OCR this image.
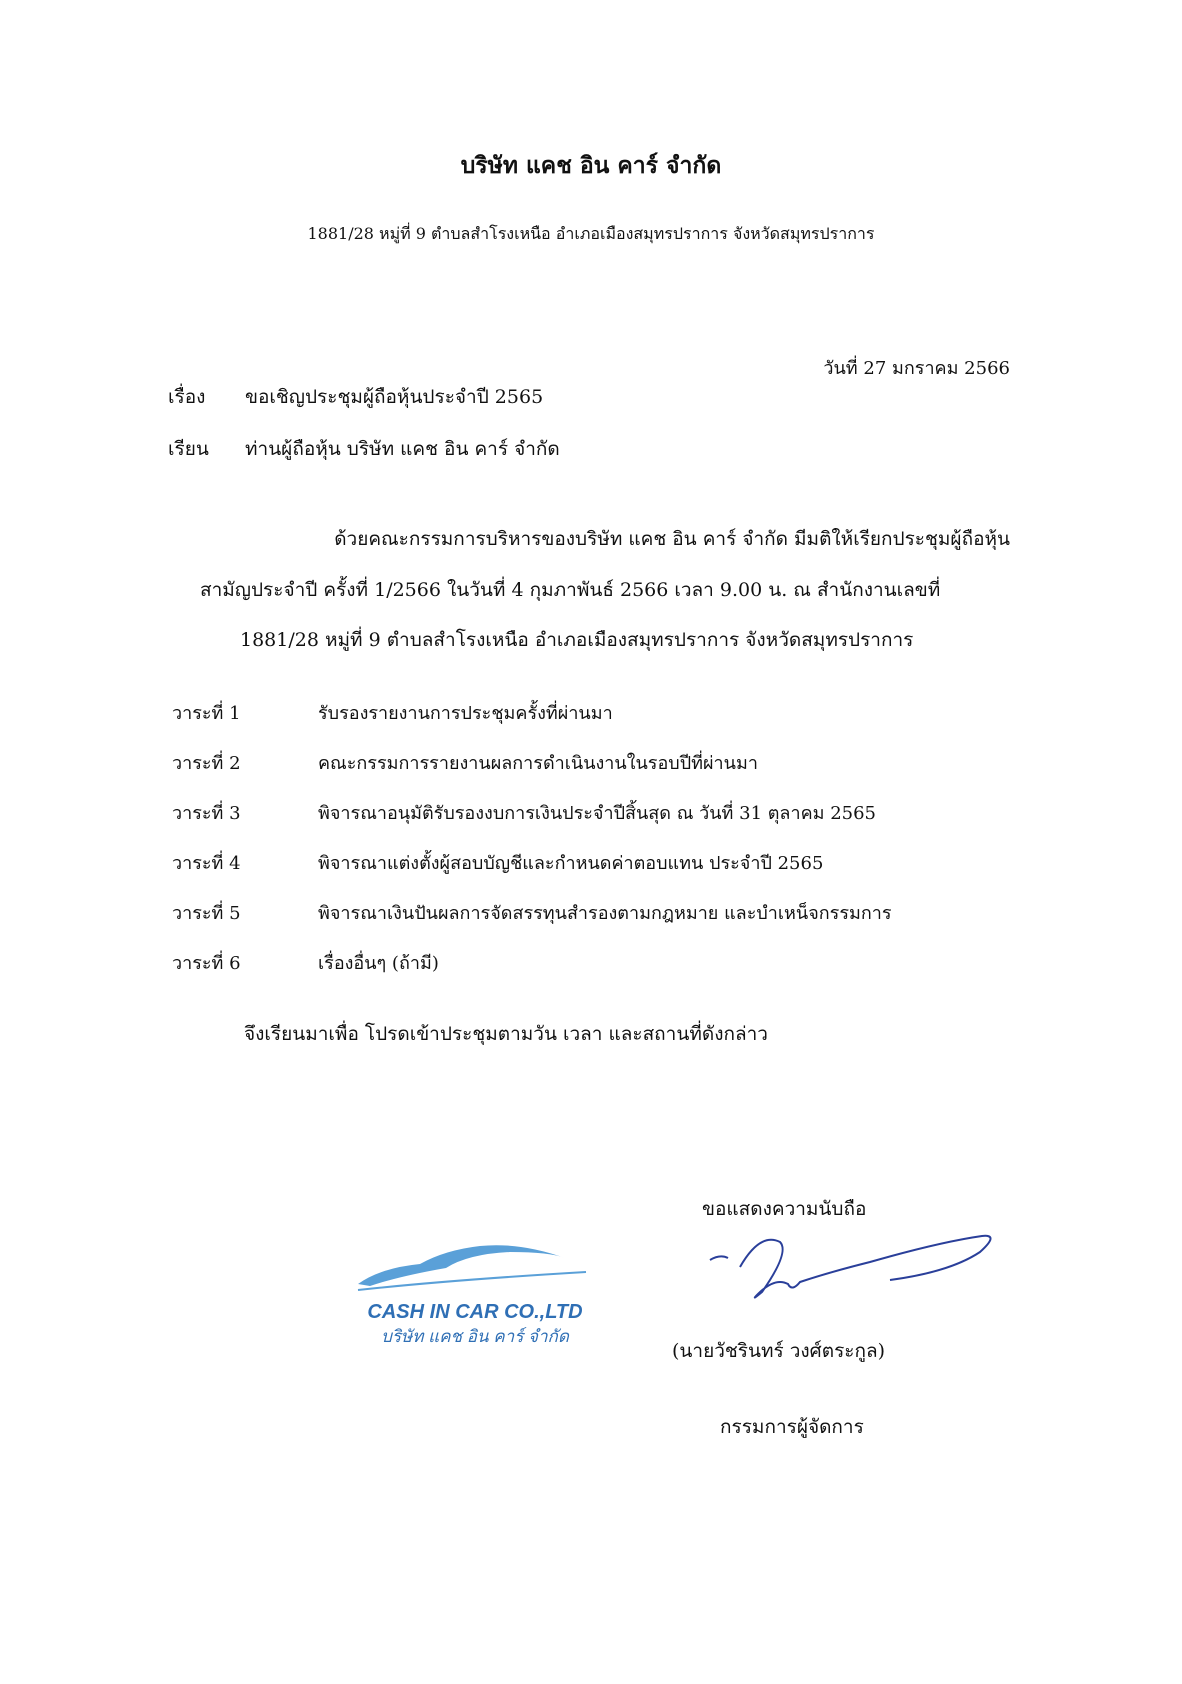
บริษัท แคช อิน คาร์ จำกัด
1881/28 หมู่ที่ 9 ตำบลสำโรงเหนือ อำเภอเมืองสมุทรปราการ จังหวัดสมุทรปราการ
วันที่ 27 มกราคม 2566
เรื่อง ขอเชิญประชุมผู้ถือหุ้นประจำปี 2565
เรียน ท่านผู้ถือหุ้น บริษัท แคช อิน คาร์ จำกัด
ด้วยคณะกรรมการบริหารของบริษัท แคช อิน คาร์ จำกัด มีมติให้เรียกประชุมผู้ถือหุ้น
สามัญประจำปี ครั้งที่ 1/2566 ในวันที่ 4 กุมภาพันธ์ 2566 เวลา 9.00 น. ณ สำนักงานเลขที่
1881/28 หมู่ที่ 9 ตำบลสำโรงเหนือ อำเภอเมืองสมุทรปราการ จังหวัดสมุทรปราการ
วาระที่ 1	รับรองรายงานการประชุมครั้งที่ผ่านมา
วาระที่ 2	คณะกรรมการรายงานผลการดำเนินงานในรอบปีที่ผ่านมา
วาระที่ 3	พิจารณาอนุมัติรับรองงบการเงินประจำปีสิ้นสุด ณ วันที่ 31 ตุลาคม 2565
วาระที่ 4	พิจารณาแต่งตั้งผู้สอบบัญชีและกำหนดค่าตอบแทน ประจำปี 2565
วาระที่ 5	พิจารณาเงินปันผลการจัดสรรทุนสำรองตามกฎหมาย และบำเหน็จกรรมการ
วาระที่ 6	เรื่องอื่นๆ (ถ้ามี)
จึงเรียนมาเพื่อ โปรดเข้าประชุมตามวัน เวลา และสถานที่ดังกล่าว
ขอแสดงความนับถือ
(นายวัชรินทร์ วงศ์ตระกูล)
กรรมการผู้จัดการ
CASH IN CAR CO.,LTD
บริษัท แคช อิน คาร์ จำกัด
